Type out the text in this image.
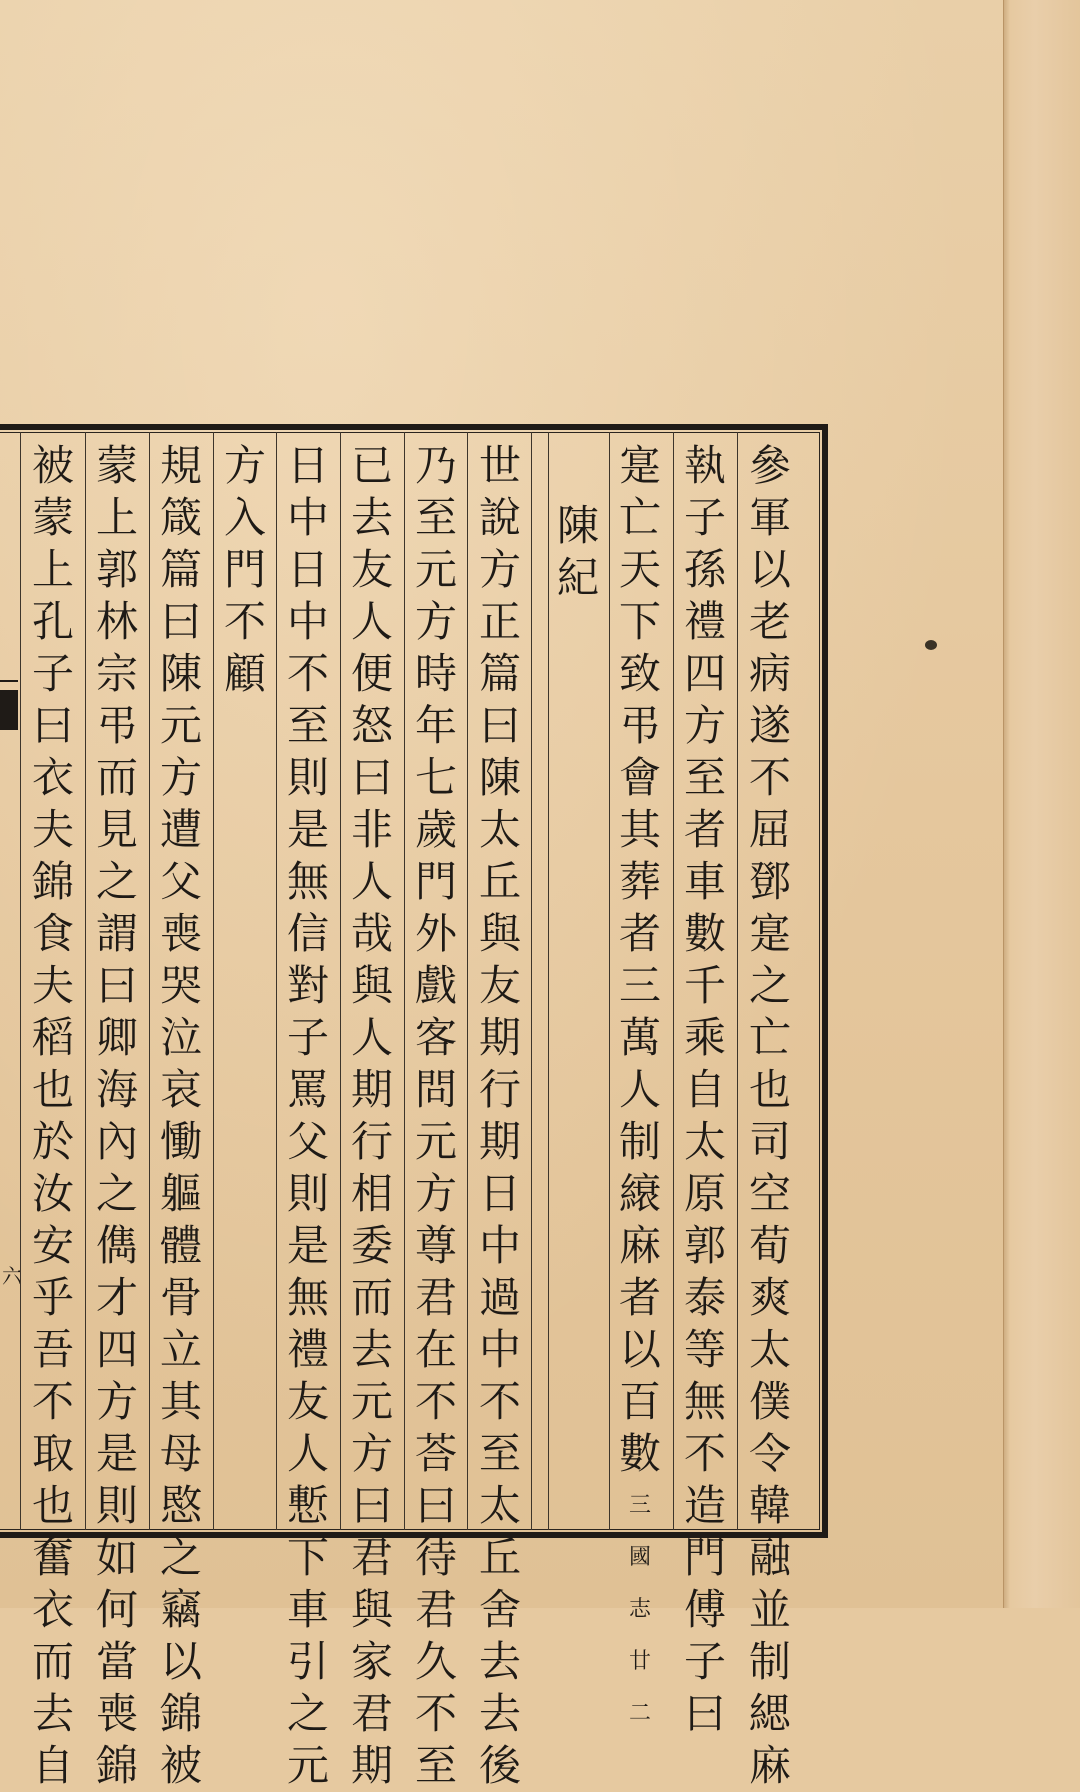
六
參
軍
以
老
病
遂
不
屈
鄧
寔
之
亡
也
司
空
荀
爽
太
僕
令
韓
融
並
制
緦
麻
執
子
孫
禮
四
方
至
者
車
數
千
乘
自
太
原
郭
泰
等
無
不
造
門
傅
子
曰
寔
亡
天
下
致
弔
會
其
葬
者
三
萬
人
制
縗
麻
者
以
百
數
三
國
志
廿
二
陳
紀
世
說
方
正
篇
曰
陳
太
丘
與
友
期
行
期
日
中
過
中
不
至
太
丘
舍
去
去
後
乃
至
元
方
時
年
七
歲
門
外
戲
客
問
元
方
尊
君
在
不
荅
曰
待
君
久
不
至
已
去
友
人
便
怒
曰
非
人
哉
與
人
期
行
相
委
而
去
元
方
曰
君
與
家
君
期
日
中
日
中
不
至
則
是
無
信
對
子
罵
父
則
是
無
禮
友
人
慙
下
車
引
之
元
方
入
門
不
顧
規
箴
篇
曰
陳
元
方
遭
父
喪
哭
泣
哀
慟
軀
體
骨
立
其
母
愍
之
竊
以
錦
被
蒙
上
郭
林
宗
弔
而
見
之
謂
曰
卿
海
內
之
儁
才
四
方
是
則
如
何
當
喪
錦
被
蒙
上
孔
子
曰
衣
夫
錦
食
夫
稻
也
於
汝
安
乎
吾
不
取
也
奮
衣
而
去
自
